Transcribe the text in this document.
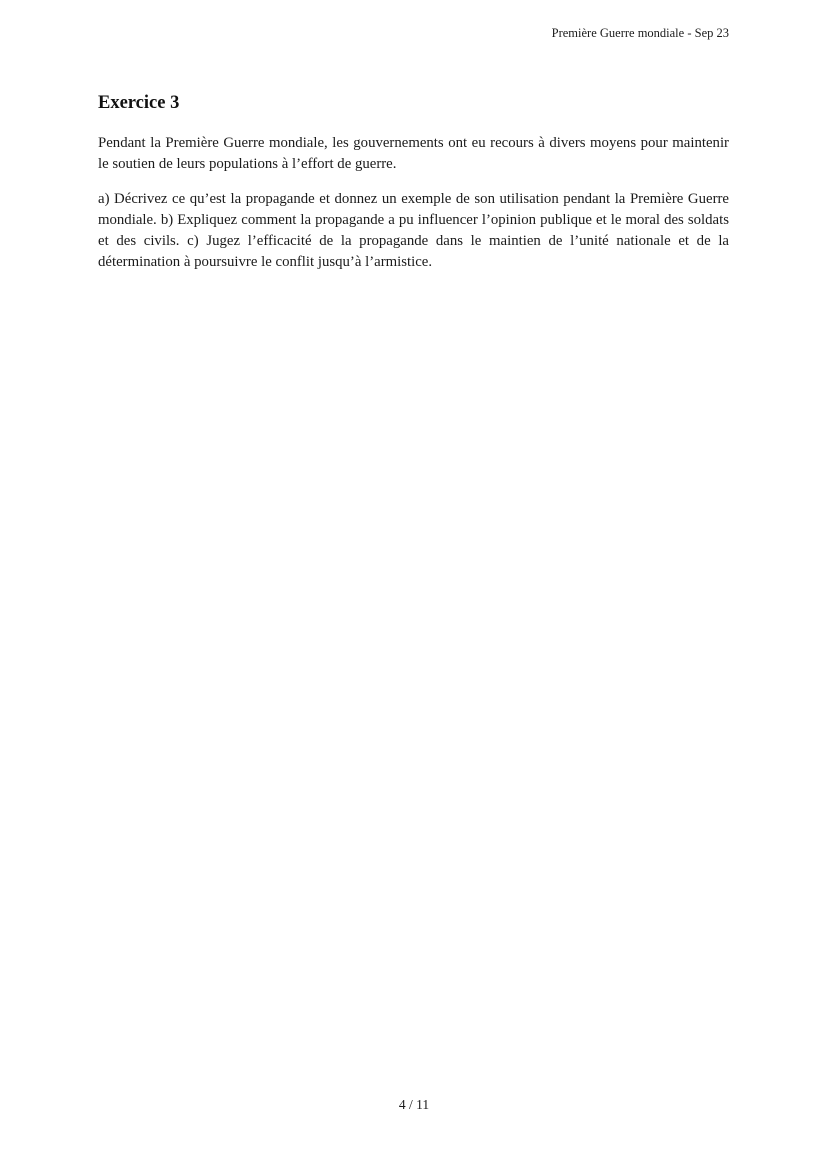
Première Guerre mondiale - Sep 23
Exercice 3

Pendant la Première Guerre mondiale, les gouvernements ont eu recours à divers moyens pour maintenir le soutien de leurs populations à l’effort de guerre.

a) Décrivez ce qu’est la propagande et donnez un exemple de son utilisation pendant la Première Guerre mondiale. b) Expliquez comment la propagande a pu influencer l’opinion publique et le moral des soldats et des civils. c) Jugez l’efficacité de la propagande dans le maintien de l’unité nationale et de la détermination à poursuivre le conflit jusqu’à l’armistice.

4 / 11
